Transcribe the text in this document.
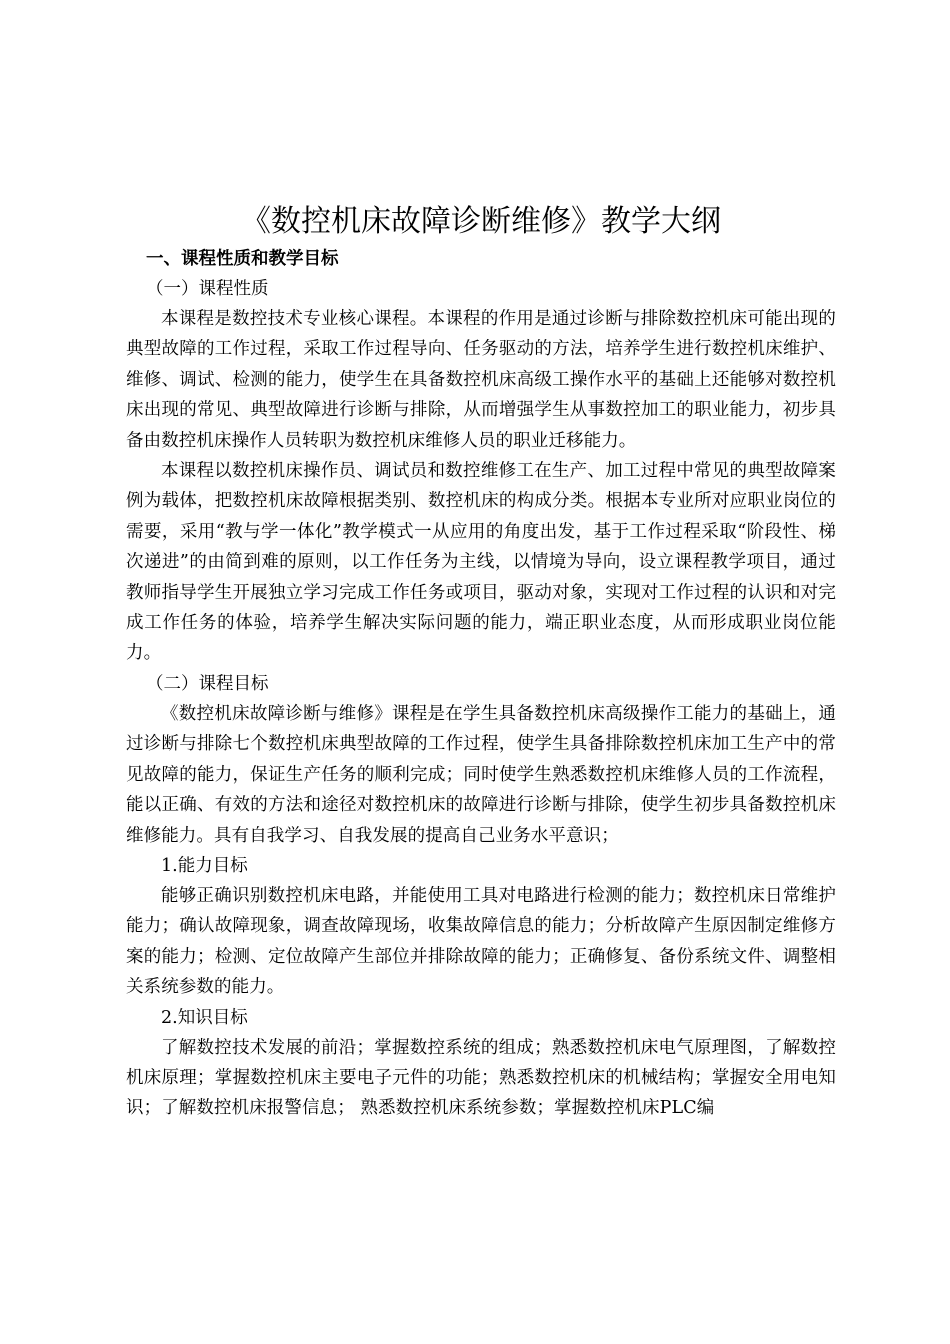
《数控机床故障诊断维修》教学大纲

一、课程性质和教学目标

（一）课程性质

本课程是数控技术专业核心课程。本课程的作用是通过诊断与排除数控机床可能出现的典型故障的工作过程，采取工作过程导向、任务驱动的方法，培养学生进行数控机床维护、维修、调试、检测的能力，使学生在具备数控机床高级工操作水平的基础上还能够对数控机床出现的常见、典型故障进行诊断与排除，从而增强学生从事数控加工的职业能力，初步具备由数控机床操作人员转职为数控机床维修人员的职业迁移能力。

本课程以数控机床操作员、调试员和数控维修工在生产、加工过程中常见的典型故障案例为载体，把数控机床故障根据类别、数控机床的构成分类。根据本专业所对应职业岗位的需要，采用“教与学一体化”教学模式一从应用的角度出发，基于工作过程采取“阶段性、梯次递进”的由简到难的原则，以工作任务为主线，以情境为导向，设立课程教学项目，通过教师指导学生开展独立学习完成工作任务或项目，驱动对象，实现对工作过程的认识和对完成工作任务的体验，培养学生解决实际问题的能力，端正职业态度，从而形成职业岗位能力。

（二）课程目标

《数控机床故障诊断与维修》课程是在学生具备数控机床高级操作工能力的基础上，通过诊断与排除七个数控机床典型故障的工作过程，使学生具备排除数控机床加工生产中的常见故障的能力，保证生产任务的顺利完成；同时使学生熟悉数控机床维修人员的工作流程，能以正确、有效的方法和途径对数控机床的故障进行诊断与排除，使学生初步具备数控机床维修能力。具有自我学习、自我发展的提高自己业务水平意识；

1.能力目标

能够正确识别数控机床电路，并能使用工具对电路进行检测的能力；数控机床日常维护能力；确认故障现象，调查故障现场，收集故障信息的能力；分析故障产生原因制定维修方案的能力；检测、定位故障产生部位并排除故障的能力；正确修复、备份系统文件、调整相关系统参数的能力。

2.知识目标

了解数控技术发展的前沿；掌握数控系统的组成；熟悉数控机床电气原理图，了解数控机床原理；掌握数控机床主要电子元件的功能；熟悉数控机床的机械结构；掌握安全用电知识；了解数控机床报警信息； 熟悉数控机床系统参数；掌握数控机床PLC编
